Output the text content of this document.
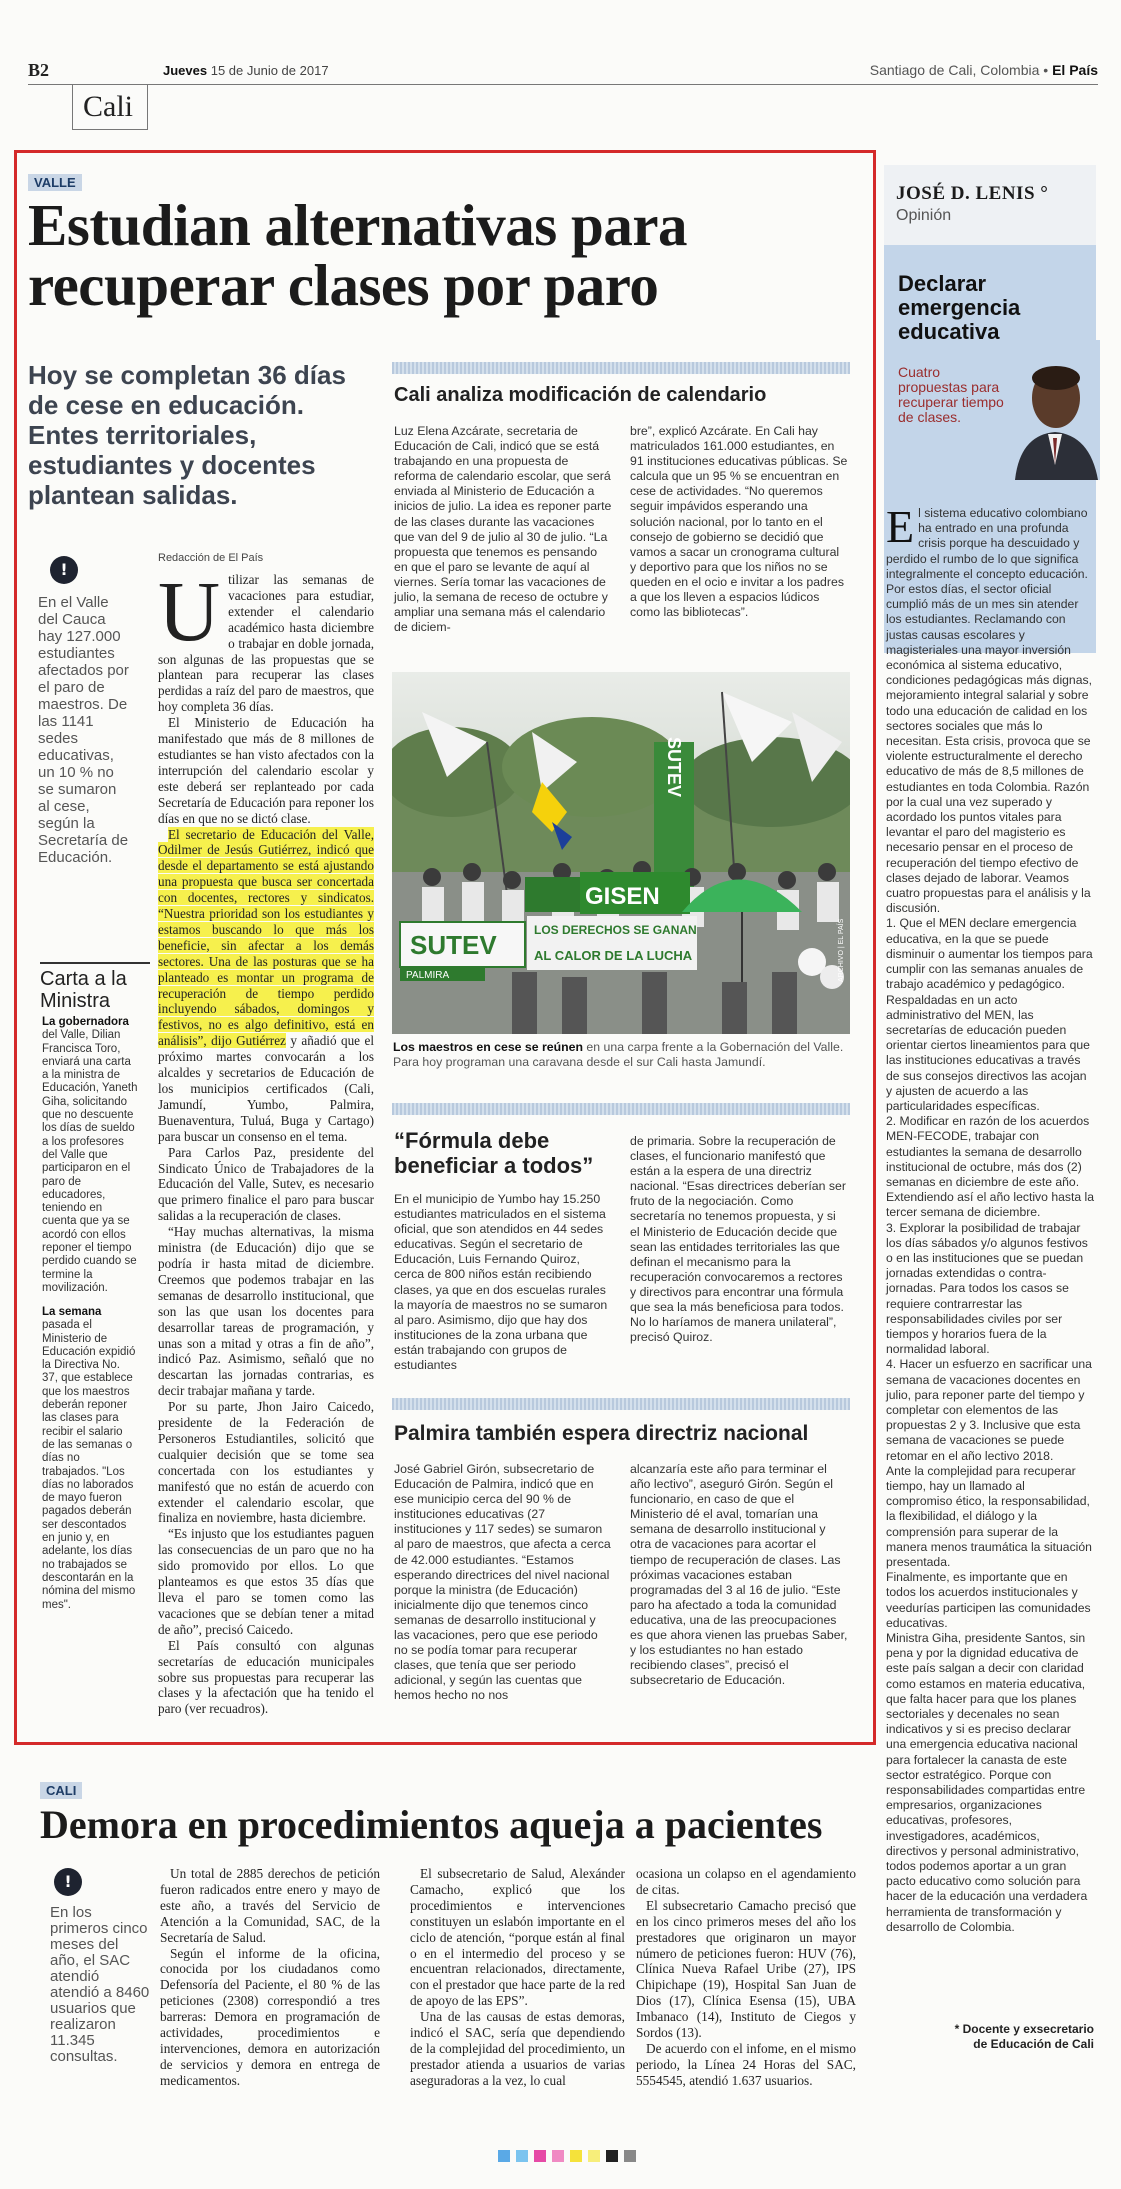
B2	Jueves 15 de Junio de 2017	Santiago de Cali, Colombia • El País
Cali
VALLE
Estudian alternativas para
recuperar clases por paro
Hoy se completan 36 días de cese en educación. Entes territoriales, estudiantes y docentes plantean salidas.
!
En el Valle del Cauca hay 127.000 estudiantes afectados por el paro de maestros. De las 1141 sedes educativas, un 10 % no se sumaron al cese, según la Secretaría de Educación.
Carta a la Ministra
La gobernadora del Valle, Dilian Francisca Toro, enviará una carta a la ministra de Educación, Yaneth Giha, solicitando que no descuente los días de sueldo a los profesores del Valle que participaron en el paro de educadores, teniendo en cuenta que ya se acordó con ellos reponer el tiempo perdido cuando se termine la movilización.
La semana pasada el Ministerio de Educación expidió la Directiva No. 37, que establece que los maestros deberán reponer las clases para recibir el salario de las semanas o días no trabajados. "Los días no laborados de mayo fueron pagados deberán ser descontados en junio y, en adelante, los días no trabajados se descontarán en la nómina del mismo mes".
Redacción de El País

Utilizar las semanas de vacaciones para estudiar, extender el calendario académico hasta diciembre o trabajar en doble jornada, son algunas de las propuestas que se plantean para recuperar las clases perdidas a raíz del paro de maestros, que hoy completa 36 días.

El Ministerio de Educación ha manifestado que más de 8 millones de estudiantes se han visto afectados con la interrupción del calendario escolar y este deberá ser replanteado por cada Secretaría de Educación para reponer los días en que no se dictó clase.

El secretario de Educación del Valle, Odilmer de Jesús Gutiérrez, indicó que desde el departamento se está ajustando una propuesta que busca ser concertada con docentes, rectores y sindicatos. “Nuestra prioridad son los estudiantes y estamos buscando lo que más los beneficie, sin afectar a los demás sectores. Una de las posturas que se ha planteado es montar un programa de recuperación de tiempo perdido incluyendo sábados, domingos y festivos, no es algo definitivo, está en análisis”, dijo Gutiérrez y añadió que el próximo martes convocarán a los alcaldes y secretarios de Educación de los municipios certificados (Cali, Jamundí, Yumbo, Palmira, Buenaventura, Tuluá, Buga y Cartago) para buscar un consenso en el tema.

Para Carlos Paz, presidente del Sindicato Único de Trabajadores de la Educación del Valle, Sutev, es necesario que primero finalice el paro para buscar salidas a la recuperación de clases.

“Hay muchas alternativas, la misma ministra (de Educación) dijo que se podría ir hasta mitad de diciembre. Creemos que podemos trabajar en las semanas de desarrollo institucional, que son las que usan los docentes para desarrollar tareas de programación, y unas son a mitad y otras a fin de año”, indicó Paz. Asimismo, señaló que no descartan las jornadas contrarias, es decir trabajar mañana y tarde.

Por su parte, Jhon Jairo Caicedo, presidente de la Federación de Personeros Estudiantiles, solicitó que cualquier decisión que se tome sea concertada con los estudiantes y manifestó que no están de acuerdo con extender el calendario escolar, que finaliza en noviembre, hasta diciembre.

“Es injusto que los estudiantes paguen las consecuencias de un paro que no ha sido promovido por ellos. Lo que planteamos es que estos 35 días que lleva el paro se tomen como las vacaciones que se debían tener a mitad de año”, precisó Caicedo.

El País consultó con algunas secretarías de educación municipales sobre sus propuestas para recuperar las clases y la afectación que ha tenido el paro (ver recuadros).

Cali analiza modificación de calendario
Luz Elena Azcárate, secretaria de Educación de Cali, indicó que se está trabajando en una propuesta de reforma de calendario escolar, que será enviada al Ministerio de Educación a inicios de julio. La idea es reponer parte de las clases durante las vacaciones que van del 9 de julio al 30 de julio. “La propuesta que tenemos es pensando en que el paro se levante de aquí al viernes. Sería tomar las vacaciones de julio, la semana de receso de octubre y ampliar una semana más el calendario de diciem-
bre”, explicó Azcárate. En Cali hay matriculados 161.000 estudiantes, en 91 instituciones educativas públicas. Se calcula que un 95 % se encuentran en cese de actividades. “No queremos seguir impávidos esperando una solución nacional, por lo tanto en el consejo de gobierno se decidió que vamos a sacar un cronograma cultural y deportivo para que los niños no se queden en el ocio e invitar a los padres a que los lleven a espacios lúdicos como las bibliotecas”.
SUTEV
SUTEV
GISEN
PALMIRA
LOS DERECHOS SE GANAN
AL CALOR DE LA LUCHA	ARCHIVO | EL PAÍS
Los maestros en cese se reúnen en una carpa frente a la Gobernación del Valle. Para hoy programan una caravana desde el sur Cali hasta Jamundí.
“Fórmula debe beneficiar a todos”
En el municipio de Yumbo hay 15.250 estudiantes matriculados en el sistema oficial, que son atendidos en 44 sedes educativas. Según el secretario de Educación, Luis Fernando Quiroz, cerca de 800 niños están recibiendo clases, ya que en dos escuelas rurales la mayoría de maestros no se sumaron al paro. Asimismo, dijo que hay dos instituciones de la zona urbana que están trabajando con grupos de estudiantes
de primaria. Sobre la recuperación de clases, el funcionario manifestó que están a la espera de una directriz nacional. “Esas directrices deberían ser fruto de la negociación. Como secretaría no tenemos propuesta, y si el Ministerio de Educación decide que sean las entidades territoriales las que definan el mecanismo para la recuperación convocaremos a rectores y directivos para encontrar una fórmula que sea la más beneficiosa para todos. No lo haríamos de manera unilateral”, precisó Quiroz.
Palmira también espera directriz nacional
José Gabriel Girón, subsecretario de Educación de Palmira, indicó que en ese municipio cerca del 90 % de instituciones educativas (27 instituciones y 117 sedes) se sumaron al paro de maestros, que afecta a cerca de 42.000 estudiantes. “Estamos esperando directrices del nivel nacional porque la ministra (de Educación) inicialmente dijo que tenemos cinco semanas de desarrollo institucional y las vacaciones, pero que ese periodo no se podía tomar para recuperar clases, que tenía que ser periodo adicional, y según las cuentas que hemos hecho no nos
alcanzaría este año para terminar el año lectivo”, aseguró Girón. Según el funcionario, en caso de que el Ministerio dé el aval, tomarían una semana de desarrollo institucional y otra de vacaciones para acortar el tiempo de recuperación de clases. Las próximas vacaciones estaban programadas del 3 al 16 de julio. “Este paro ha afectado a toda la comunidad educativa, una de las preocupaciones es que ahora vienen las pruebas Saber, y los estudiantes no han estado recibiendo clases”, precisó el subsecretario de Educación.
JOSÉ D. LENIS °
Opinión
Declarar emergencia educativa
Cuatro propuestas para recuperar tiempo de clases.

El sistema educativo colombiano ha entrado en una profunda crisis porque ha descuidado y perdido el rumbo de lo que significa integralmente el concepto educación.

Por estos días, el sector oficial cumplió más de un mes sin atender los estudiantes. Reclamando con justas causas escolares y magisteriales una mayor inversión económica al sistema educativo, condiciones pedagógicas más dignas, mejoramiento integral salarial y sobre todo una educación de calidad en los sectores sociales que más lo necesitan. Esta crisis, provoca que se violente estructuralmente el derecho educativo de más de 8,5 millones de estudiantes en toda Colombia. Razón por la cual una vez superado y acordado los puntos vitales para levantar el paro del magisterio es necesario pensar en el proceso de recuperación del tiempo efectivo de clases dejado de laborar. Veamos cuatro propuestas para el análisis y la discusión.

1. Que el MEN declare emergencia educativa, en la que se puede disminuir o aumentar los tiempos para cumplir con las semanas anuales de trabajo académico y pedagógico. Respaldadas en un acto administrativo del MEN, las secretarías de educación pueden orientar ciertos lineamientos para que las instituciones educativas a través de sus consejos directivos las acojan y ajusten de acuerdo a las particularidades específicas.

2. Modificar en razón de los acuerdos MEN-FECODE, trabajar con estudiantes la semana de desarrollo institucional de octubre, más dos (2) semanas en diciembre de este año. Extendiendo así el año lectivo hasta la tercer semana de diciembre.

3. Explorar la posibilidad de trabajar los días sábados y/o algunos festivos o en las instituciones que se puedan jornadas extendidas o contra-jornadas. Para todos los casos se requiere contrarrestar las responsabilidades civiles por ser tiempos y horarios fuera de la normalidad laboral.

4. Hacer un esfuerzo en sacrificar una semana de vacaciones docentes en julio, para reponer parte del tiempo y completar con elementos de las propuestas 2 y 3. Inclusive que esta semana de vacaciones se puede retomar en el año lectivo 2018.

Ante la complejidad para recuperar tiempo, hay un llamado al compromiso ético, la responsabilidad, la flexibilidad, el diálogo y la comprensión para superar de la manera menos traumática la situación presentada.

Finalmente, es importante que en todos los acuerdos institucionales y veedurías participen las comunidades educativas.

Ministra Giha, presidente Santos, sin pena y por la dignidad educativa de este país salgan a decir con claridad como estamos en materia educativa, que falta hacer para que los planes sectoriales y decenales no sean indicativos y si es preciso declarar una emergencia educativa nacional para fortalecer la canasta de este sector estratégico. Porque con responsabilidades compartidas entre empresarios, organizaciones educativas, profesores, investigadores, académicos, directivos y personal administrativo, todos podemos aportar a un gran pacto educativo como solución para hacer de la educación una verdadera herramienta de transformación y desarrollo de Colombia.

* Docente y exsecretario
de Educación de Cali
CALI
Demora en procedimientos aqueja a pacientes
!
En los primeros cinco meses del año, el SAC atendió atendió a 8460 usuarios que realizaron 11.345 consultas.

Un total de 2885 derechos de petición fueron radicados entre enero y mayo de este año, a través del Servicio de Atención a la Comunidad, SAC, de la Secretaría de Salud.

Según el informe de la oficina, conocida por los ciudadanos como Defensoría del Paciente, el 80 % de las peticiones (2308) correspondió a tres barreras: Demora en programación de actividades, procedimientos e intervenciones, demora en autorización de servicios y demora en entrega de medicamentos.

El subsecretario de Salud, Alexánder Camacho, explicó que los procedimientos e intervenciones constituyen un eslabón importante en el ciclo de atención, “porque están al final o en el intermedio del proceso y se encuentran relacionados, directamente, con el prestador que hace parte de la red de apoyo de las EPS”.

Una de las causas de estas demoras, indicó el SAC, sería que dependiendo de la complejidad del procedimiento, un prestador atienda a usuarios de varias aseguradoras a la vez, lo cual

ocasiona un colapso en el agendamiento de citas.

El subsecretario Camacho precisó que en los cinco primeros meses del año los prestadores que originaron un mayor número de peticiones fueron: HUV (76), Clínica Nueva Rafael Uribe (27), IPS Chipichape (19), Hospital San Juan de Dios (17), Clínica Esensa (15), UBA Imbanaco (14), Instituto de Ciegos y Sordos (13).

De acuerdo con el infome, en el mismo periodo, la Línea 24 Horas del SAC, 5554545, atendió 1.637 usuarios.
